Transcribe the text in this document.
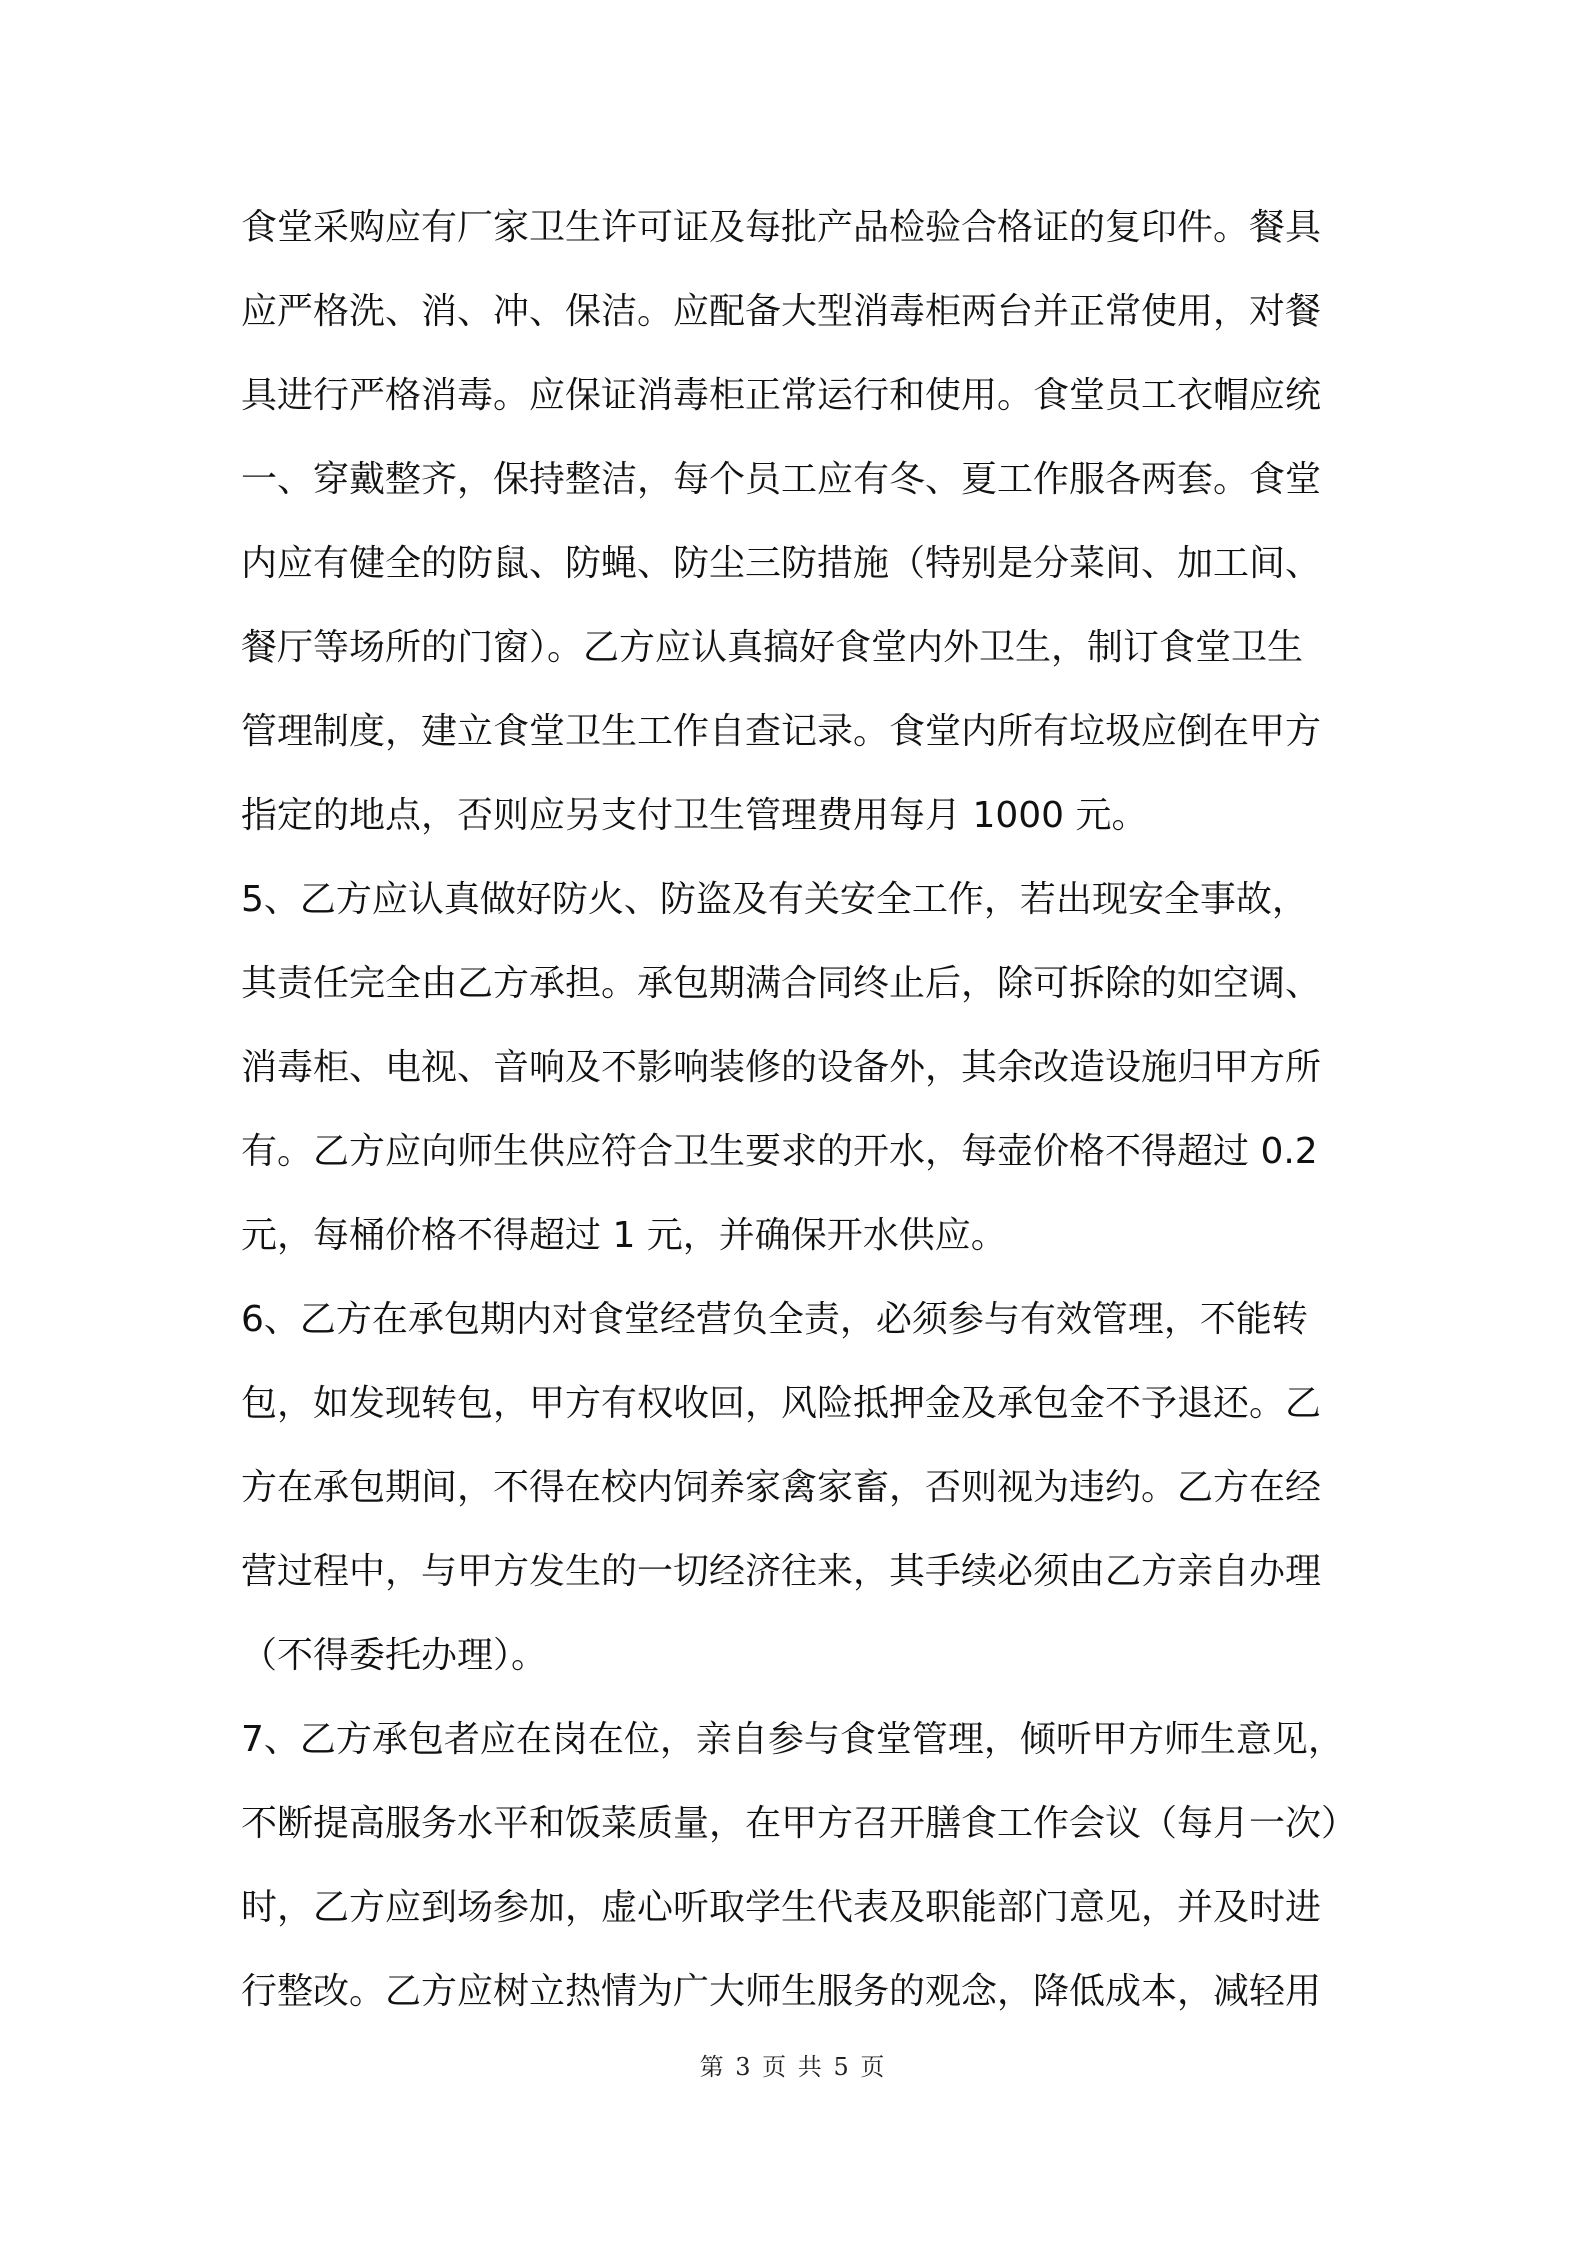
食堂采购应有厂家卫生许可证及每批产品检验合格证的复印件。餐具
应严格洗、消、冲、保洁。应配备大型消毒柜两台并正常使用，对餐
具进行严格消毒。应保证消毒柜正常运行和使用。食堂员工衣帽应统
一、穿戴整齐，保持整洁，每个员工应有冬、夏工作服各两套。食堂
内应有健全的防鼠、防蝇、防尘三防措施（特别是分菜间、加工间、
餐厅等场所的门窗）。乙方应认真搞好食堂内外卫生，制订食堂卫生
管理制度，建立食堂卫生工作自查记录。食堂内所有垃圾应倒在甲方
指定的地点，否则应另支付卫生管理费用每月 1000 元。
5、乙方应认真做好防火、防盗及有关安全工作，若出现安全事故，
其责任完全由乙方承担。承包期满合同终止后，除可拆除的如空调、
消毒柜、电视、音响及不影响装修的设备外，其余改造设施归甲方所
有。乙方应向师生供应符合卫生要求的开水，每壶价格不得超过 0.2
元，每桶价格不得超过 1 元，并确保开水供应。
6、乙方在承包期内对食堂经营负全责，必须参与有效管理，不能转
包，如发现转包，甲方有权收回，风险抵押金及承包金不予退还。乙
方在承包期间，不得在校内饲养家禽家畜，否则视为违约。乙方在经
营过程中，与甲方发生的一切经济往来，其手续必须由乙方亲自办理
（不得委托办理）。
7、乙方承包者应在岗在位，亲自参与食堂管理，倾听甲方师生意见，
不断提高服务水平和饭菜质量，在甲方召开膳食工作会议（每月一次）
时，乙方应到场参加，虚心听取学生代表及职能部门意见，并及时进
行整改。乙方应树立热情为广大师生服务的观念，降低成本，减轻用
第 3 页 共 5 页
